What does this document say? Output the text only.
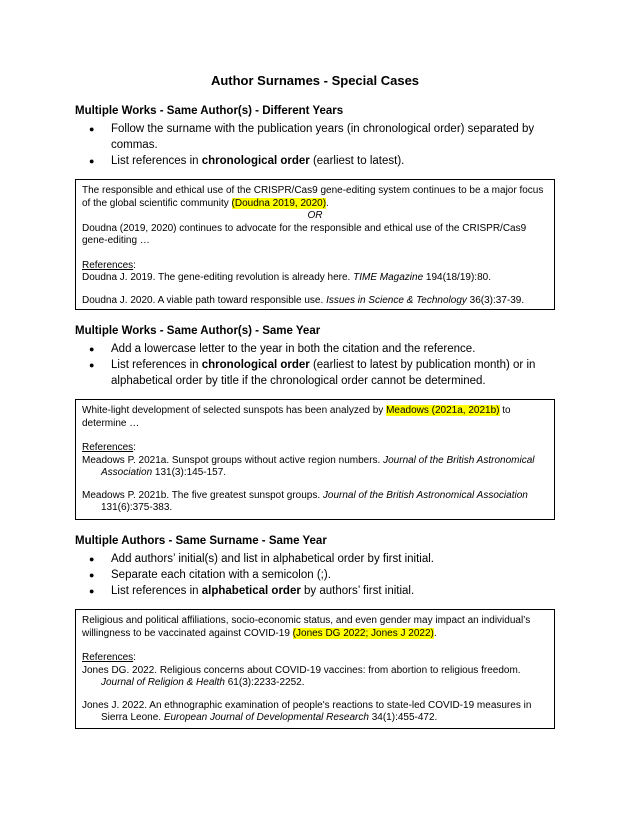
Author Surnames - Special Cases
Multiple Works - Same Author(s) - Different Years
● Follow the surname with the publication years (in chronological order) separated by commas.
● List references in chronological order (earliest to latest).

The responsible and ethical use of the CRISPR/Cas9 gene-editing system continues to be a major focus of the global scientific community (Doudna 2019, 2020).

OR

Doudna (2019, 2020) continues to advocate for the responsible and ethical use of the CRISPR/Cas9 gene-editing …

References:

Doudna J. 2019. The gene-editing revolution is already here. TIME Magazine 194(18/19):80.

Doudna J. 2020. A viable path toward responsible use. Issues in Science & Technology 36(3):37-39.

Multiple Works - Same Author(s) - Same Year
● Add a lowercase letter to the year in both the citation and the reference.
● List references in chronological order (earliest to latest by publication month) or in alphabetical order by title if the chronological order cannot be determined.

White-light development of selected sunspots has been analyzed by Meadows (2021a, 2021b) to determine …

References:

Meadows P. 2021a. Sunspot groups without active region numbers. Journal of the British Astronomical Association 131(3):145-157.

Meadows P. 2021b. The five greatest sunspot groups. Journal of the British Astronomical Association 131(6):375-383.

Multiple Authors - Same Surname - Same Year
● Add authors’ initial(s) and list in alphabetical order by first initial.
● Separate each citation with a semicolon (;).
● List references in alphabetical order by authors’ first initial.

Religious and political affiliations, socio-economic status, and even gender may impact an individual’s willingness to be vaccinated against COVID-19 (Jones DG 2022; Jones J 2022).

References:

Jones DG. 2022. Religious concerns about COVID-19 vaccines: from abortion to religious freedom. Journal of Religion & Health 61(3):2233-2252.

Jones J. 2022. An ethnographic examination of people's reactions to state-led COVID-19 measures in Sierra Leone. European Journal of Developmental Research 34(1):455-472.
